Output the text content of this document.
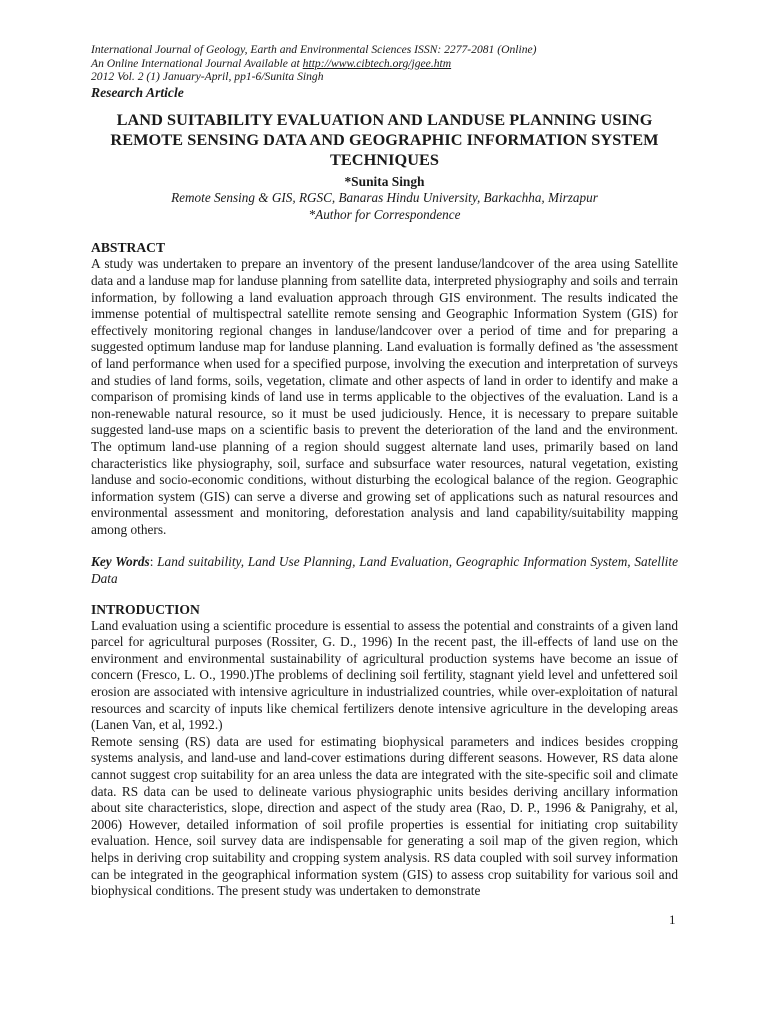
International Journal of Geology, Earth and Environmental Sciences ISSN: 2277-2081 (Online)

An Online International Journal Available at http://www.cibtech.org/jgee.htm

2012 Vol. 2 (1) January-April, pp1-6/Sunita Singh

Research Article

LAND SUITABILITY EVALUATION AND LANDUSE PLANNING USING REMOTE SENSING DATA AND GEOGRAPHIC INFORMATION SYSTEM TECHNIQUES

*Sunita Singh

Remote Sensing & GIS, RGSC, Banaras Hindu University, Barkachha, Mirzapur

*Author for Correspondence

ABSTRACT

A study was undertaken to prepare an inventory of the present landuse/landcover of the area using Satellite data and a landuse map for landuse planning from satellite data, interpreted physiography and soils and terrain information, by following a land evaluation approach through GIS environment. The results indicated the immense potential of multispectral satellite remote sensing and Geographic Information System (GIS) for effectively monitoring regional changes in landuse/landcover over a period of time and for preparing a suggested optimum landuse map for landuse planning. Land evaluation is formally defined as 'the assessment of land performance when used for a specified purpose, involving the execution and interpretation of surveys and studies of land forms, soils, vegetation, climate and other aspects of land in order to identify and make a comparison of promising kinds of land use in terms applicable to the objectives of the evaluation. Land is a non-renewable natural resource, so it must be used judiciously. Hence, it is necessary to prepare suitable suggested land-use maps on a scientific basis to prevent the deterioration of the land and the environment. The optimum land-use planning of a region should suggest alternate land uses, primarily based on land characteristics like physiography, soil, surface and subsurface water resources, natural vegetation, existing landuse and socio-economic conditions, without disturbing the ecological balance of the region. Geographic information system (GIS) can serve a diverse and growing set of applications such as natural resources and environmental assessment and monitoring, deforestation analysis and land capability/suitability mapping among others.

Key Words: Land suitability, Land Use Planning, Land Evaluation, Geographic Information System, Satellite Data

INTRODUCTION

Land evaluation using a scientific procedure is essential to assess the potential and constraints of a given land parcel for agricultural purposes (Rossiter, G. D., 1996) In the recent past, the ill-effects of land use on the environment and environmental sustainability of agricultural production systems have become an issue of concern (Fresco, L. O., 1990.)The problems of declining soil fertility, stagnant yield level and unfettered soil erosion are associated with intensive agriculture in industrialized countries, while over-exploitation of natural resources and scarcity of inputs like chemical fertilizers denote intensive agriculture in the developing areas (Lanen Van, et al, 1992.)

Remote sensing (RS) data are used for estimating biophysical parameters and indices besides cropping systems analysis, and land-use and land-cover estimations during different seasons. However, RS data alone cannot suggest crop suitability for an area unless the data are integrated with the site-specific soil and climate data. RS data can be used to delineate various physiographic units besides deriving ancillary information about site characteristics, slope, direction and aspect of the study area (Rao, D. P., 1996 & Panigrahy, et al, 2006) However, detailed information of soil profile properties is essential for initiating crop suitability evaluation. Hence, soil survey data are indispensable for generating a soil map of the given region, which helps in deriving crop suitability and cropping system analysis. RS data coupled with soil survey information can be integrated in the geographical information system (GIS) to assess crop suitability for various soil and biophysical conditions. The present study was undertaken to demonstrate

1
